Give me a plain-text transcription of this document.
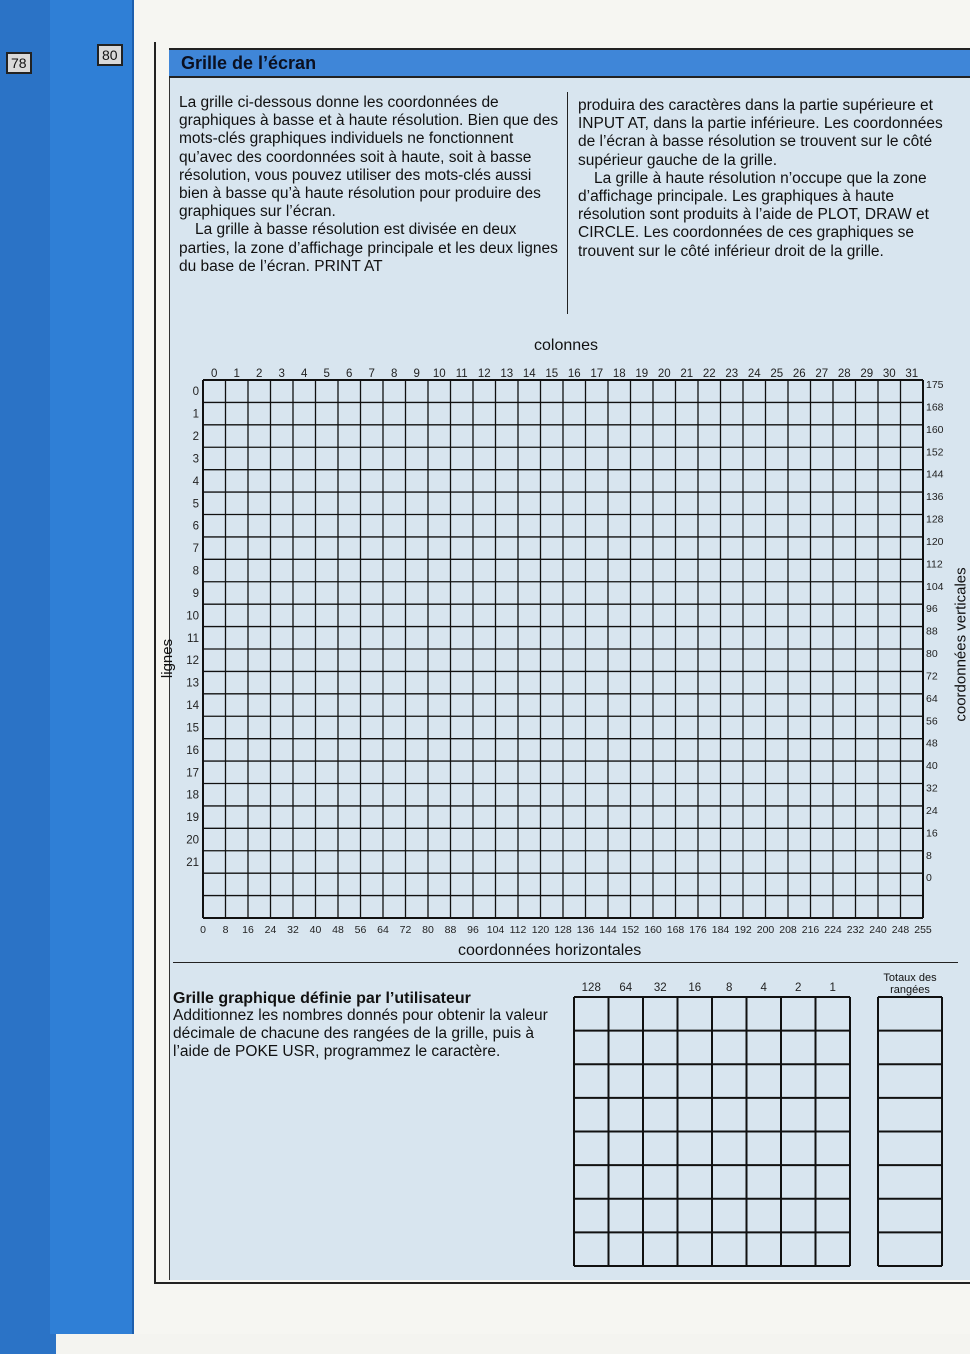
78	80	Grille de l’écran

La grille ci-dessous donne les coordonnées de graphiques à basse et à haute résolution. Bien que des mots-clés graphiques individuels ne fonctionnent qu’avec des coordonnées soit à haute, soit à basse résolution, vous pouvez utiliser des mots-clés aussi bien à basse qu’à haute résolution pour produire des graphiques sur l’écran.

La grille à basse résolution est divisée en deux parties, la zone d’affichage principale et les deux lignes du base de l’écran. PRINT AT

produira des caractères dans la partie supérieure et INPUT AT, dans la partie inférieure. Les coordonnées de l’écran à basse résolution se trouvent sur le côté supérieur gauche de la grille.

La grille à haute résolution n’occupe que la zone d’affichage principale. Les graphiques à haute résolution sont produits à l’aide de PLOT, DRAW et CIRCLE. Les coordonnées de ces graphiques se trouvent sur le côté inférieur droit de la grille.

colonnes
lignes	coordonnées verticales
coordonnées horizontales
0 1 2 3 4 5 6 7 8 9 10 11 12 13 14 15 16 17 18 19 20 21 22 23 24 25 26 27 28 29 30 31
0
1
2
3
4
5
6
7
8
9
10
11
12
13
14
15
16
17
18
19
20
21
175
168
160
152
144
136
128
120
112
104
96
88
80
72
64
56
48
40
32
24
16
8
0
0 8 16 24 32 40 48 56 64 72 80 88 96 104 112 120 128 136 144 152 160 168 176 184 192 200 208 216 224 232 240 248 255
128 64 32 16 8 4 2 1
Grille graphique définie par l’utilisateur
Additionnez les nombres donnés pour obtenir la valeur décimale de chacune des rangées de la grille, puis à l’aide de POKE USR, programmez le caractère.
Totaux des rangées
